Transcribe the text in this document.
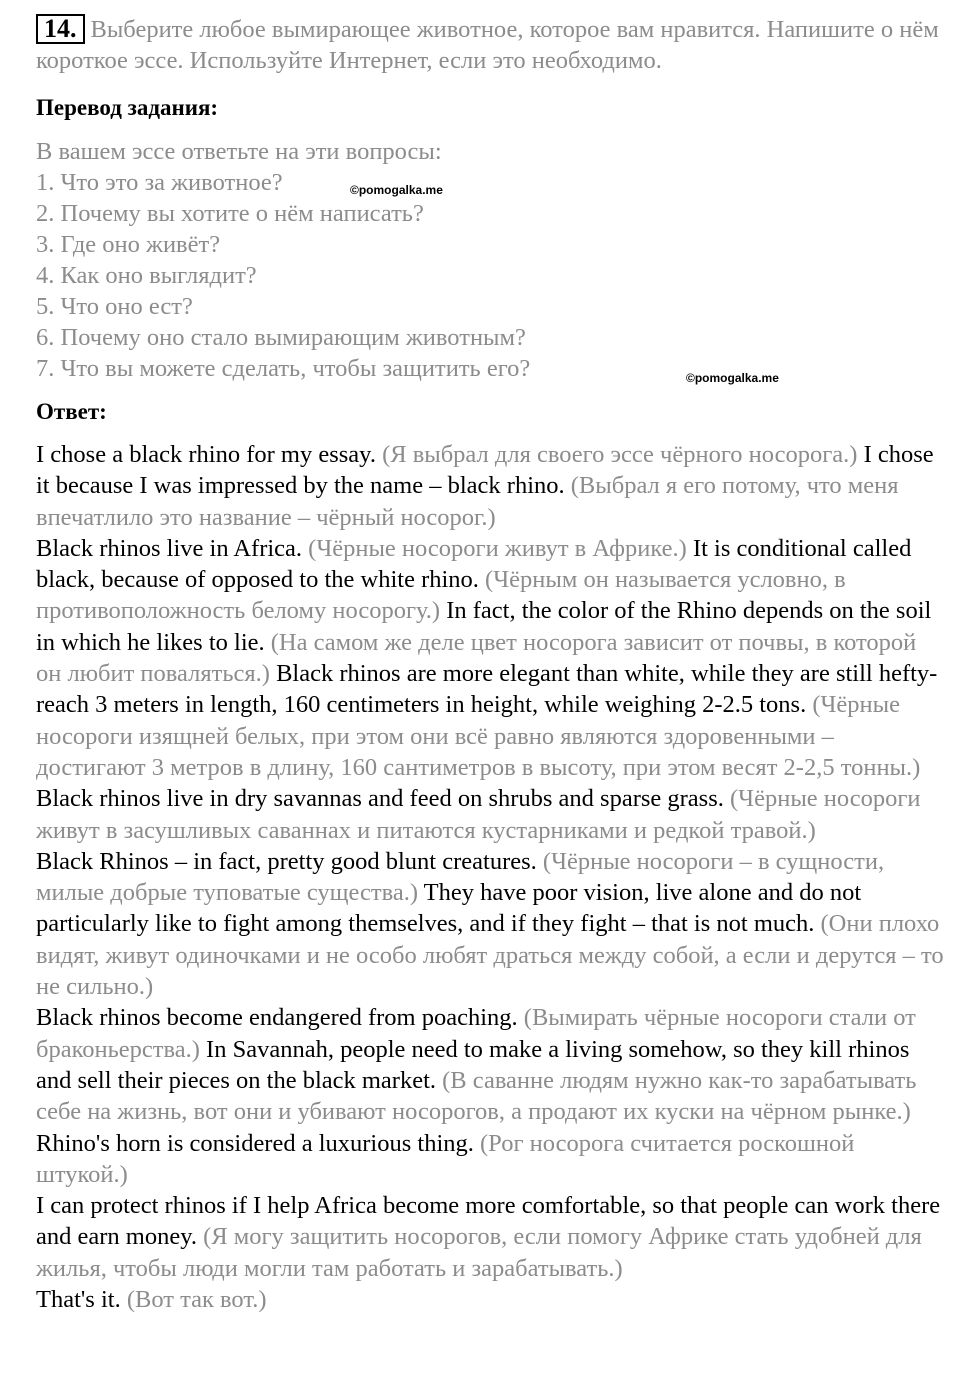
14. Выберите любое вымирающее животное, которое вам нравится. Напишите о нём короткое эссе. Используйте Интернет, если это необходимо.
Перевод задания:
В вашем эссе ответьте на эти вопросы:
1. Что это за животное?
2. Почему вы хотите о нём написать?
3. Где оно живёт?
4. Как оно выглядит?
5. Что оно ест?
6. Почему оно стало вымирающим животным?
7. Что вы можете сделать, чтобы защитить его?
©pomogalka.me
©pomogalka.me
Ответ:

I chose a black rhino for my essay. (Я выбрал для своего эссе чёрного носорога.) I chose it because I was impressed by the name – black rhino. (Выбрал я его потому, что меня впечатлило это название – чёрный носорог.)

Black rhinos live in Africa. (Чёрные носороги живут в Африке.) It is conditional called black, because of opposed to the white rhino. (Чёрным он называется условно, в противоположность белому носорогу.) In fact, the color of the Rhino depends on the soil in which he likes to lie. (На самом же деле цвет носорога зависит от почвы, в которой он любит поваляться.) Black rhinos are more elegant than white, while they are still hefty-reach 3 meters in length, 160 centimeters in height, while weighing 2-2.5 tons. (Чёрные носороги изящней белых, при этом они всё равно являются здоровенными – достигают 3 метров в длину, 160 сантиметров в высоту, при этом весят 2-2,5 тонны.) Black rhinos live in dry savannas and feed on shrubs and sparse grass. (Чёрные носороги живут в засушливых саваннах и питаются кустарниками и редкой травой.)

Black Rhinos – in fact, pretty good blunt creatures. (Чёрные носороги – в сущности, милые добрые туповатые существа.) They have poor vision, live alone and do not particularly like to fight among themselves, and if they fight – that is not much. (Они плохо видят, живут одиночками и не особо любят драться между собой, а если и дерутся – то не сильно.)

Black rhinos become endangered from poaching. (Вымирать чёрные носороги стали от браконьерства.) In Savannah, people need to make a living somehow, so they kill rhinos and sell their pieces on the black market. (В саванне людям нужно как-то зарабатывать себе на жизнь, вот они и убивают носорогов, а продают их куски на чёрном рынке.) Rhino's horn is considered a luxurious thing. (Рог носорога считается роскошной штукой.)

I can protect rhinos if I help Africa become more comfortable, so that people can work there and earn money. (Я могу защитить носорогов, если помогу Африке стать удобней для жилья, чтобы люди могли там работать и зарабатывать.)

That's it. (Вот так вот.)
